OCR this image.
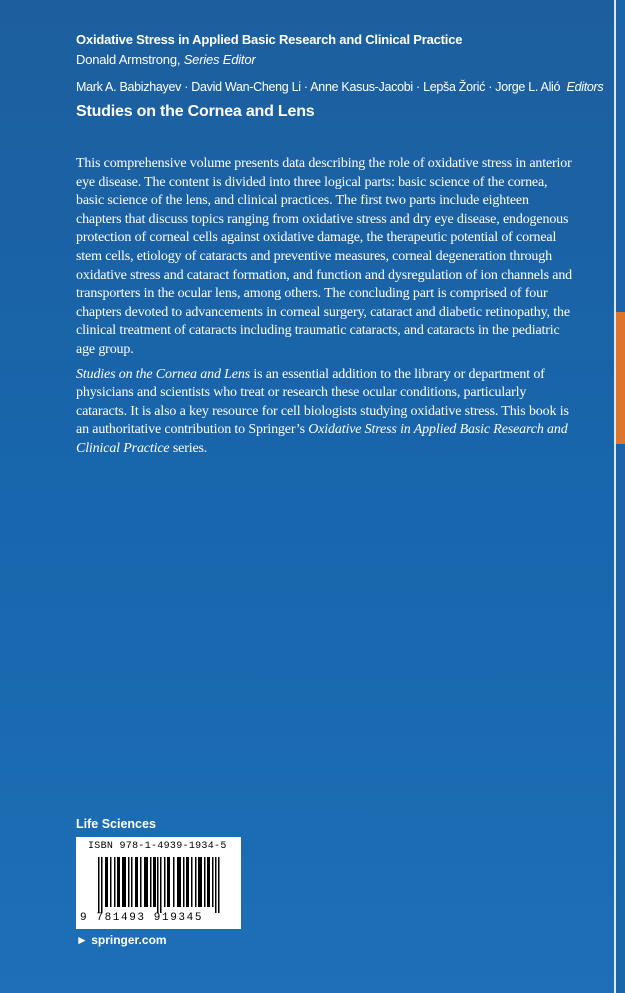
Oxidative Stress in Applied Basic Research and Clinical Practice
Donald Armstrong, Series Editor
Mark A. Babizhayev · David Wan-Cheng Li · Anne Kasus-Jacobi · Lepša Žorić · Jorge L. Alió Editors
Studies on the Cornea and Lens

This comprehensive volume presents data describing the role of oxidative stress in anterior eye disease. The content is divided into three logical parts: basic science of the cornea, basic science of the lens, and clinical practices. The first two parts include eighteen chapters that discuss topics ranging from oxidative stress and dry eye disease, endogenous protection of corneal cells against oxidative damage, the therapeutic potential of corneal stem cells, etiology of cataracts and preventive measures, corneal degeneration through oxidative stress and cataract formation, and function and dysregulation of ion channels and transporters in the ocular lens, among others. The concluding part is comprised of four chapters devoted to advancements in corneal surgery, cataract and diabetic retinopathy, the clinical treatment of cataracts including traumatic cataracts, and cataracts in the pediatric age group.

Studies on the Cornea and Lens is an essential addition to the library or department of physicians and scientists who treat or research these ocular conditions, particularly cataracts. It is also a key resource for cell biologists studying oxidative stress. This book is an authoritative contribution to Springer’s Oxidative Stress in Applied Basic Research and Clinical Practice series.

Life Sciences
ISBN 978-1-4939-1934-5
9 781493 919345
► springer.com
